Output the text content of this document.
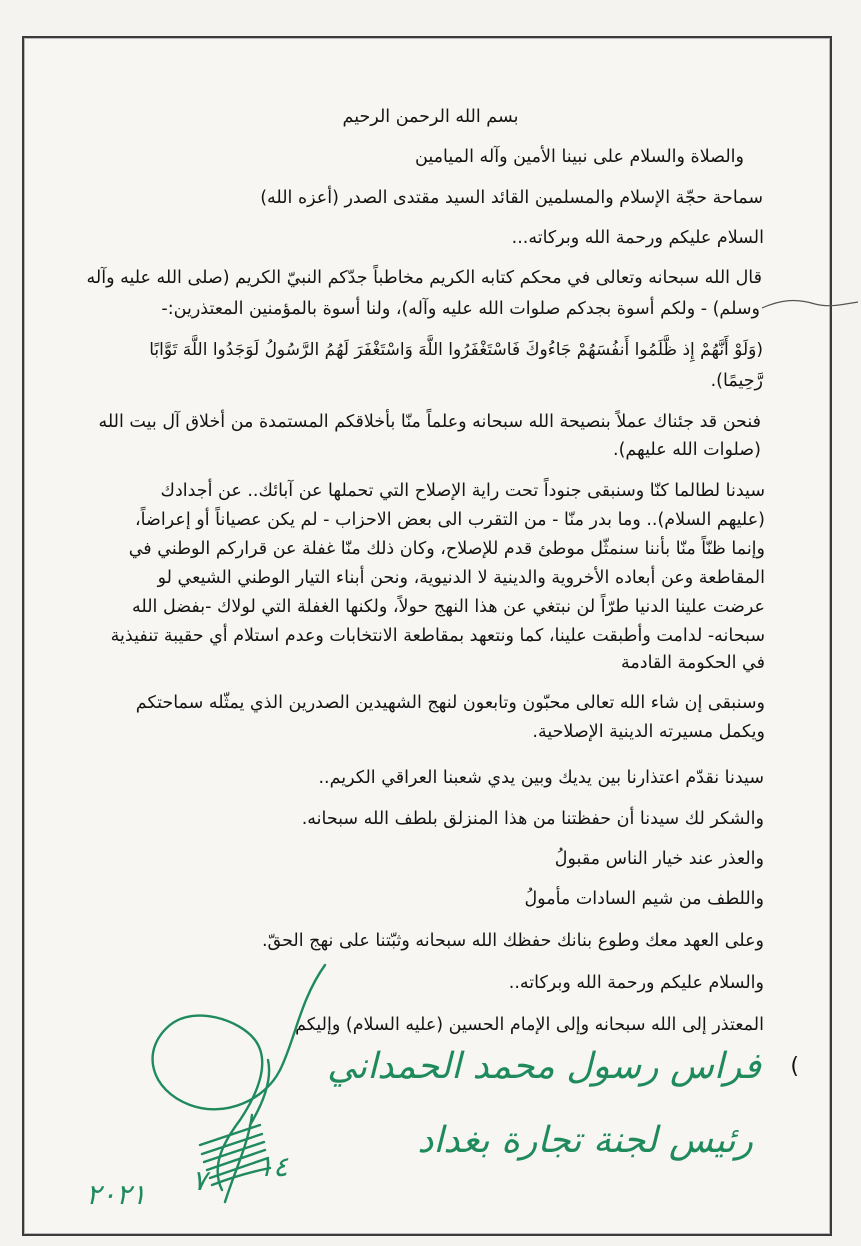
بسم الله الرحمن الرحيم
والصلاة والسلام على نبينا الأمين وآله الميامين
سماحة حجّة الإسلام والمسلمين القائد السيد مقتدى الصدر (أعزه الله)
السلام عليكم ورحمة الله وبركاته...
قال الله سبحانه وتعالى في محكم كتابه الكريم مخاطباً جدّكم النبيّ الكريم (صلى الله عليه وآله
وسلم) - ولكم أسوة بجدكم صلوات الله عليه وآله)، ولنا أسوة بالمؤمنين المعتذرين:-
(وَلَوْ أَنَّهُمْ إِذ ظَّلَمُوا أَنفُسَهُمْ جَاءُوكَ فَاسْتَغْفَرُوا اللَّهَ وَاسْتَغْفَرَ لَهُمُ الرَّسُولُ لَوَجَدُوا اللَّهَ تَوَّابًا
رَّحِيمًا).
فنحن قد جئناك عملاً بنصيحة الله سبحانه وعلماً منّا بأخلاقكم المستمدة من أخلاق آل بيت الله
(صلوات الله عليهم).
سيدنا لطالما كنّا وسنبقى جنوداً تحت راية الإصلاح التي تحملها عن آبائك.. عن أجدادك
(عليهم السلام).. وما بدر منّا - من التقرب الى بعض الاحزاب - لم يكن عصياناً أو إعراضاً،
وإنما ظنّاً منّا بأننا سنمثّل موطئ قدم للإصلاح، وكان ذلك منّا غفلة عن قراركم الوطني في
المقاطعة وعن أبعاده الأخروية والدينية لا الدنيوية، ونحن أبناء التيار الوطني الشيعي لو
عرضت علينا الدنيا طرّاً لن نبتغي عن هذا النهج حولاً، ولكنها الغفلة التي لولاك -بفضل الله
سبحانه- لدامت وأطبقت علينا، كما ونتعهد بمقاطعة الانتخابات وعدم استلام أي حقيبة تنفيذية
في الحكومة القادمة
وسنبقى إن شاء الله تعالى محبّون وتابعون لنهج الشهيدين الصدرين الذي يمثّله سماحتكم
ويكمل مسيرته الدينية الإصلاحية.
سيدنا نقدّم اعتذارنا بين يديك وبين يدي شعبنا العراقي الكريم..
والشكر لك سيدنا أن حفظتنا من هذا المنزلق بلطف الله سبحانه.
والعذر عند خيار الناس مقبولُ
واللطف من شيم السادات مأمولُ
وعلى العهد معك وطوع بنانك حفظك الله سبحانه وثبّتنا على نهج الحقّ.
والسلام عليكم ورحمة الله وبركاته..
المعتذر إلى الله سبحانه وإلى الإمام الحسين (عليه السلام) وإليكم
(
فراس رسول محمد الحمداني
رئيس لجنة تجارة بغداد
١٤
٧
٢٠٢١
